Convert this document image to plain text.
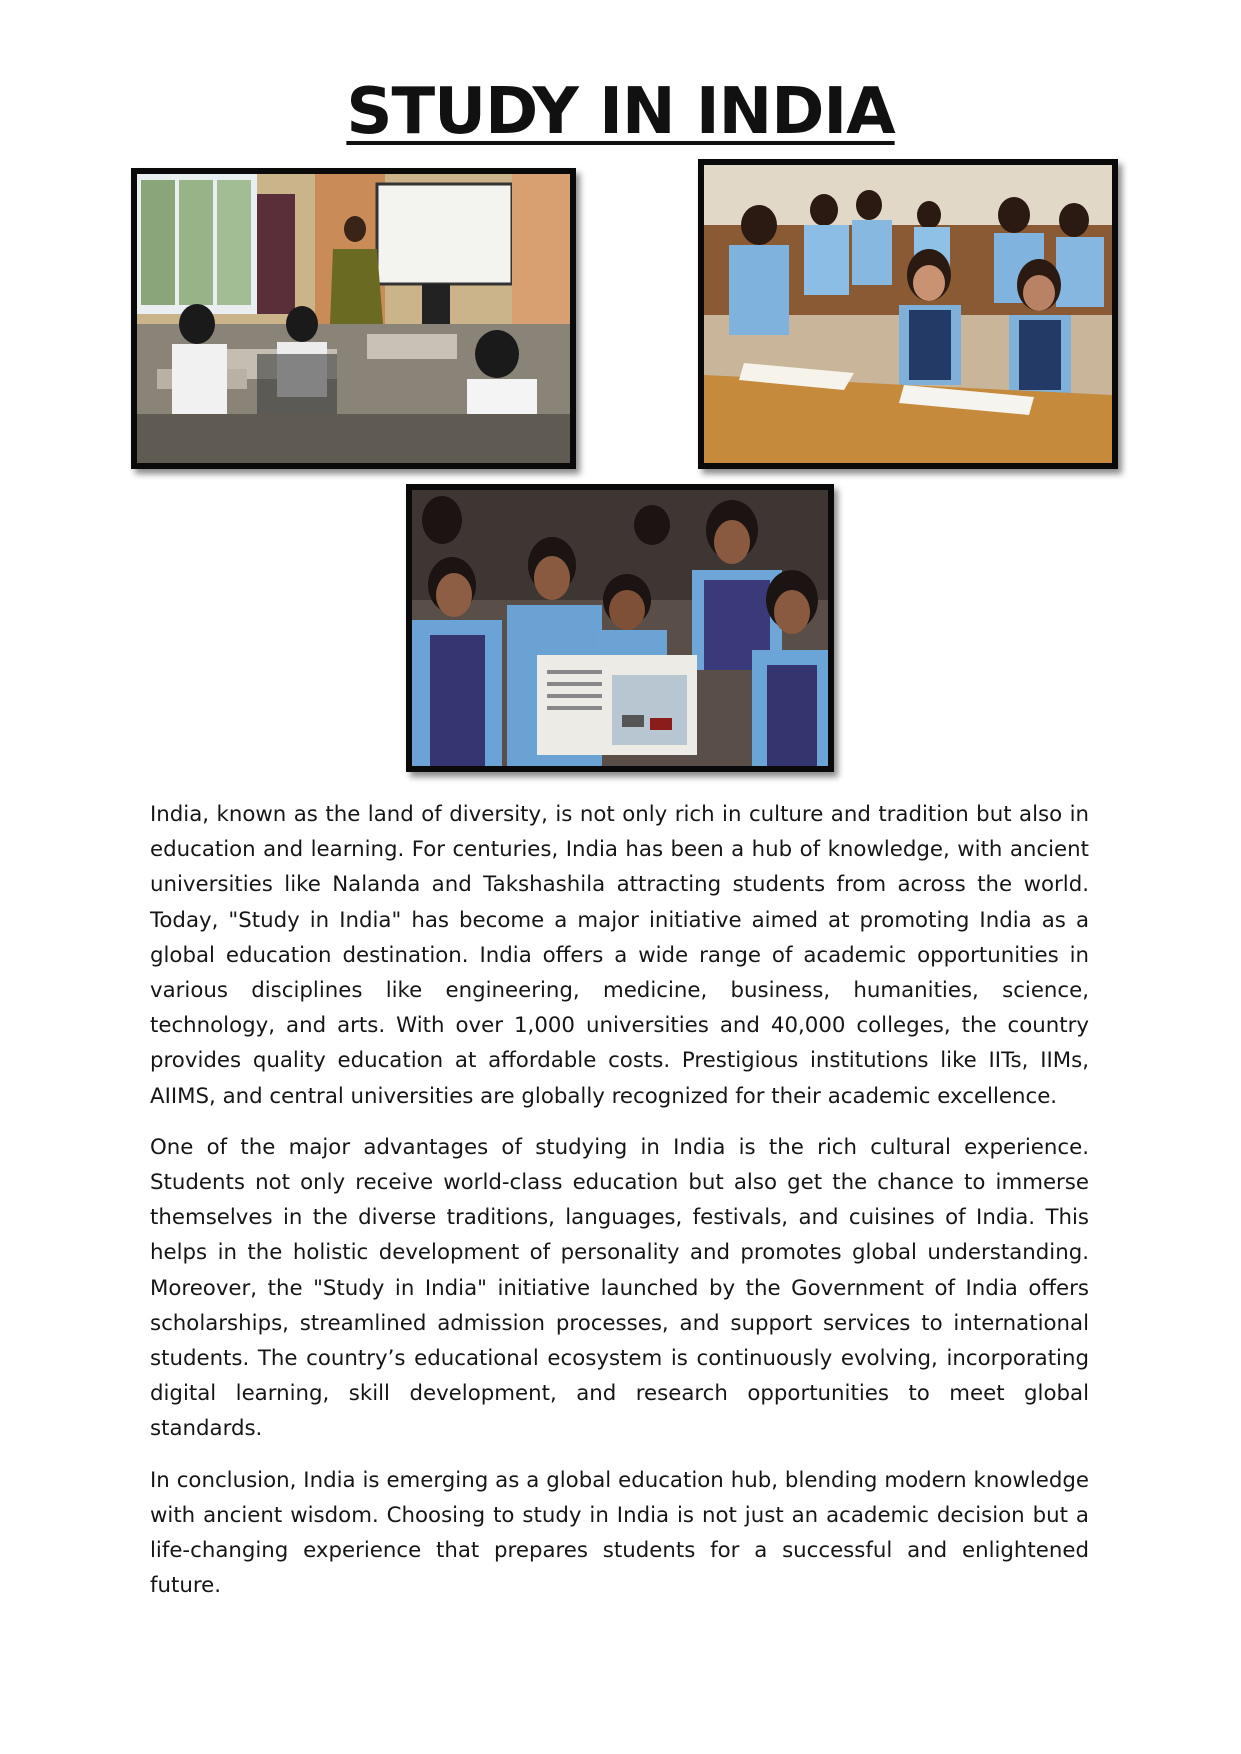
STUDY IN INDIA

India, known as the land of diversity, is not only rich in culture and tradition but also in education and learning. For centuries, India has been a hub of knowledge, with ancient universities like Nalanda and Takshashila attracting students from across the world. Today, "Study in India" has become a major initiative aimed at promoting India as a global education destination. India offers a wide range of academic opportunities in various disciplines like engineering, medicine, business, humanities, science, technology, and arts. With over 1,000 universities and 40,000 colleges, the country provides quality education at affordable costs. Prestigious institutions like IITs, IIMs, AIIMS, and central universities are globally recognized for their academic excellence.

One of the major advantages of studying in India is the rich cultural experience. Students not only receive world-class education but also get the chance to immerse themselves in the diverse traditions, languages, festivals, and cuisines of India. This helps in the holistic development of personality and promotes global understanding. Moreover, the "Study in India" initiative launched by the Government of India offers scholarships, streamlined admission processes, and support services to international students. The country’s educational ecosystem is continuously evolving, incorporating digital learning, skill development, and research opportunities to meet global standards.

In conclusion, India is emerging as a global education hub, blending modern knowledge with ancient wisdom. Choosing to study in India is not just an academic decision but a life-changing experience that prepares students for a successful and enlightened future.
